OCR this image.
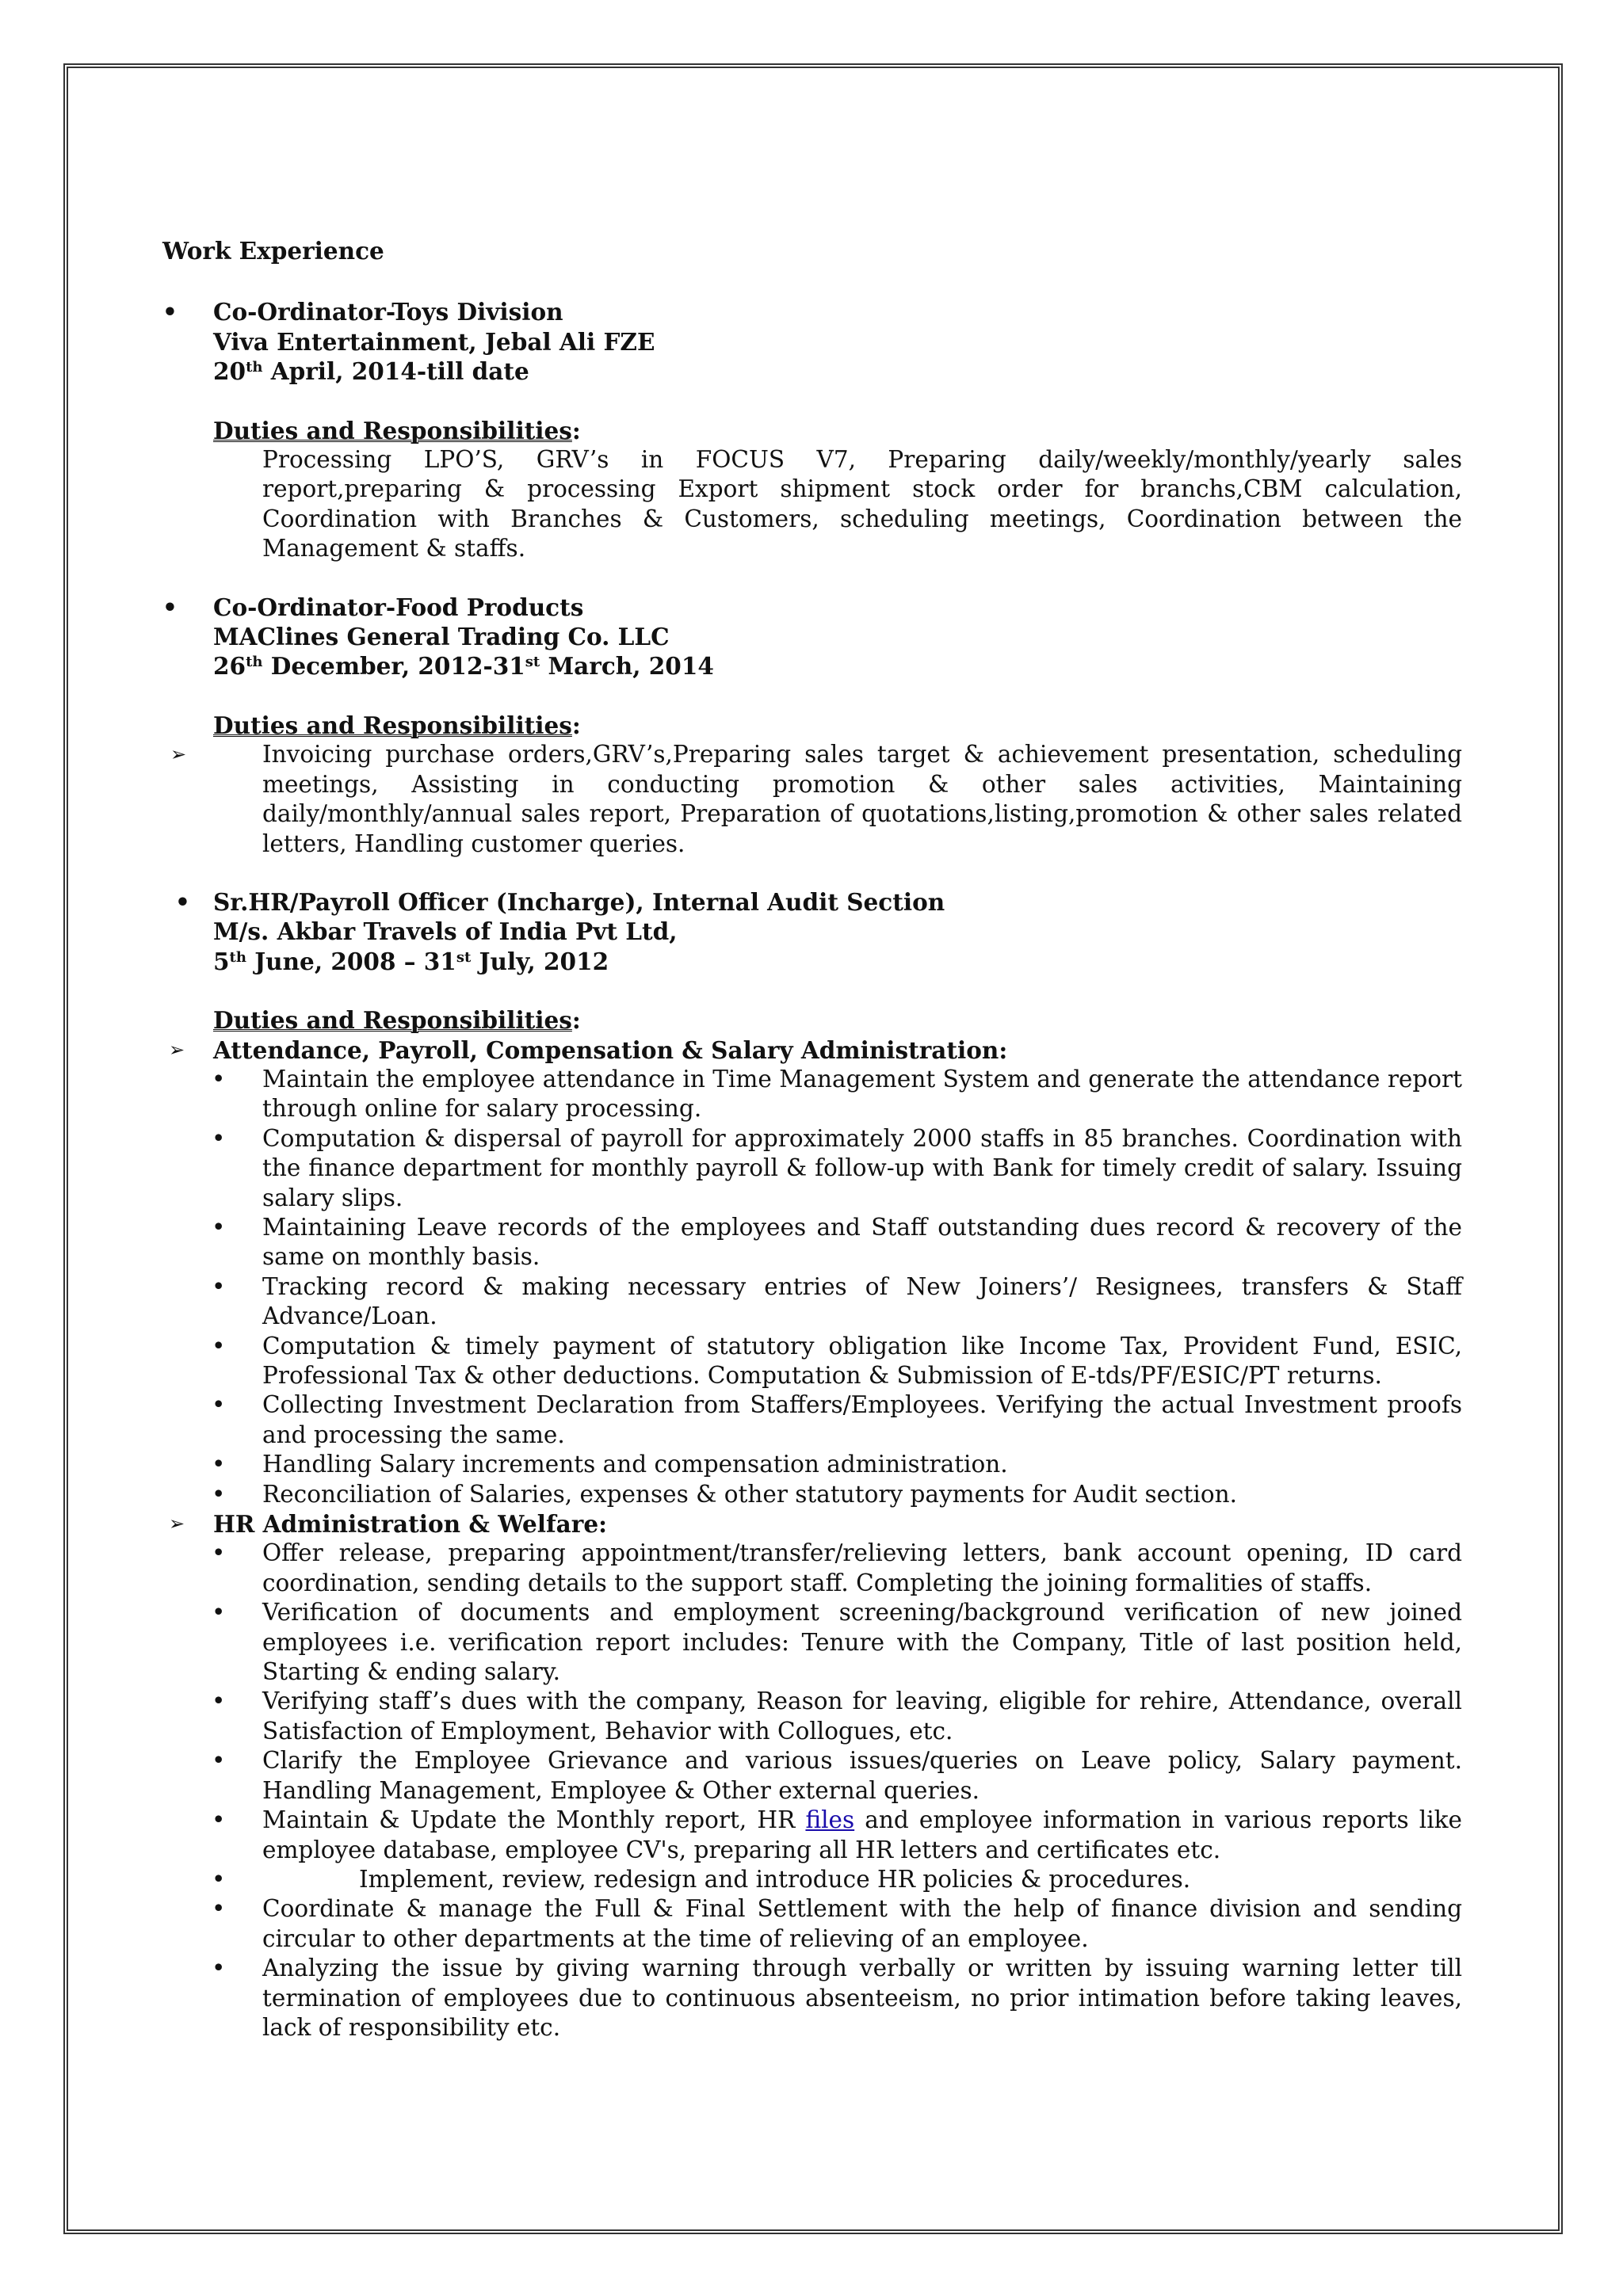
Work Experience
• Co-Ordinator-Toys Division
Viva Entertainment, Jebal Ali FZE
20th April, 2014-till date
Duties and Responsibilities:
Processing LPO’S, GRV’s in FOCUS V7, Preparing daily/weekly/monthly/yearly sales report,preparing & processing Export shipment stock order for branchs,CBM calculation, Coordination with Branches & Customers, scheduling meetings, Coordination between the Management & staffs.
• Co-Ordinator-Food Products
MAClines General Trading Co. LLC
26th December, 2012-31st March, 2014
Duties and Responsibilities:
➢	Invoicing purchase orders,GRV’s,Preparing sales target & achievement presentation, scheduling meetings, Assisting in conducting promotion & other sales activities, Maintaining daily/monthly/annual sales report, Preparation of quotations,listing,promotion & other sales related letters, Handling customer queries.
• Sr.HR/Payroll Officer (Incharge), Internal Audit Section
M/s. Akbar Travels of India Pvt Ltd,
5th June, 2008 – 31st July, 2012
Duties and Responsibilities:
➢ Attendance, Payroll, Compensation & Salary Administration:
• Maintain the employee attendance in Time Management System and generate the attendance report through online for salary processing.
• Computation & dispersal of payroll for approximately 2000 staffs in 85 branches. Coordination with the finance department for monthly payroll & follow-up with Bank for timely credit of salary. Issuing salary slips.
• Maintaining Leave records of the employees and Staff outstanding dues record & recovery of the same on monthly basis.
• Tracking record & making necessary entries of New Joiners’/ Resignees, transfers & Staff Advance/Loan.
• Computation & timely payment of statutory obligation like Income Tax, Provident Fund, ESIC, Professional Tax & other deductions. Computation & Submission of E-tds/PF/ESIC/PT returns.
• Collecting Investment Declaration from Staffers/Employees. Verifying the actual Investment proofs and processing the same.
• Handling Salary increments and compensation administration.
• Reconciliation of Salaries, expenses & other statutory payments for Audit section.
➢ HR Administration & Welfare:
• Offer release, preparing appointment/transfer/relieving letters, bank account opening, ID card coordination, sending details to the support staff. Completing the joining formalities of staffs.
• Verification of documents and employment screening/background verification of new joined employees i.e. verification report includes: Tenure with the Company, Title of last position held, Starting & ending salary.
• Verifying staff’s dues with the company, Reason for leaving, eligible for rehire, Attendance, overall Satisfaction of Employment, Behavior with Collogues, etc.
• Clarify the Employee Grievance and various issues/queries on Leave policy, Salary payment. Handling Management, Employee & Other external queries.
• Maintain & Update the Monthly report, HR files and employee information in various reports like employee database, employee CV's, preparing all HR letters and certificates etc.
•	Implement, review, redesign and introduce HR policies & procedures.
• Coordinate & manage the Full & Final Settlement with the help of finance division and sending circular to other departments at the time of relieving of an employee.
• Analyzing the issue by giving warning through verbally or written by issuing warning letter till termination of employees due to continuous absenteeism, no prior intimation before taking leaves, lack of responsibility etc.
